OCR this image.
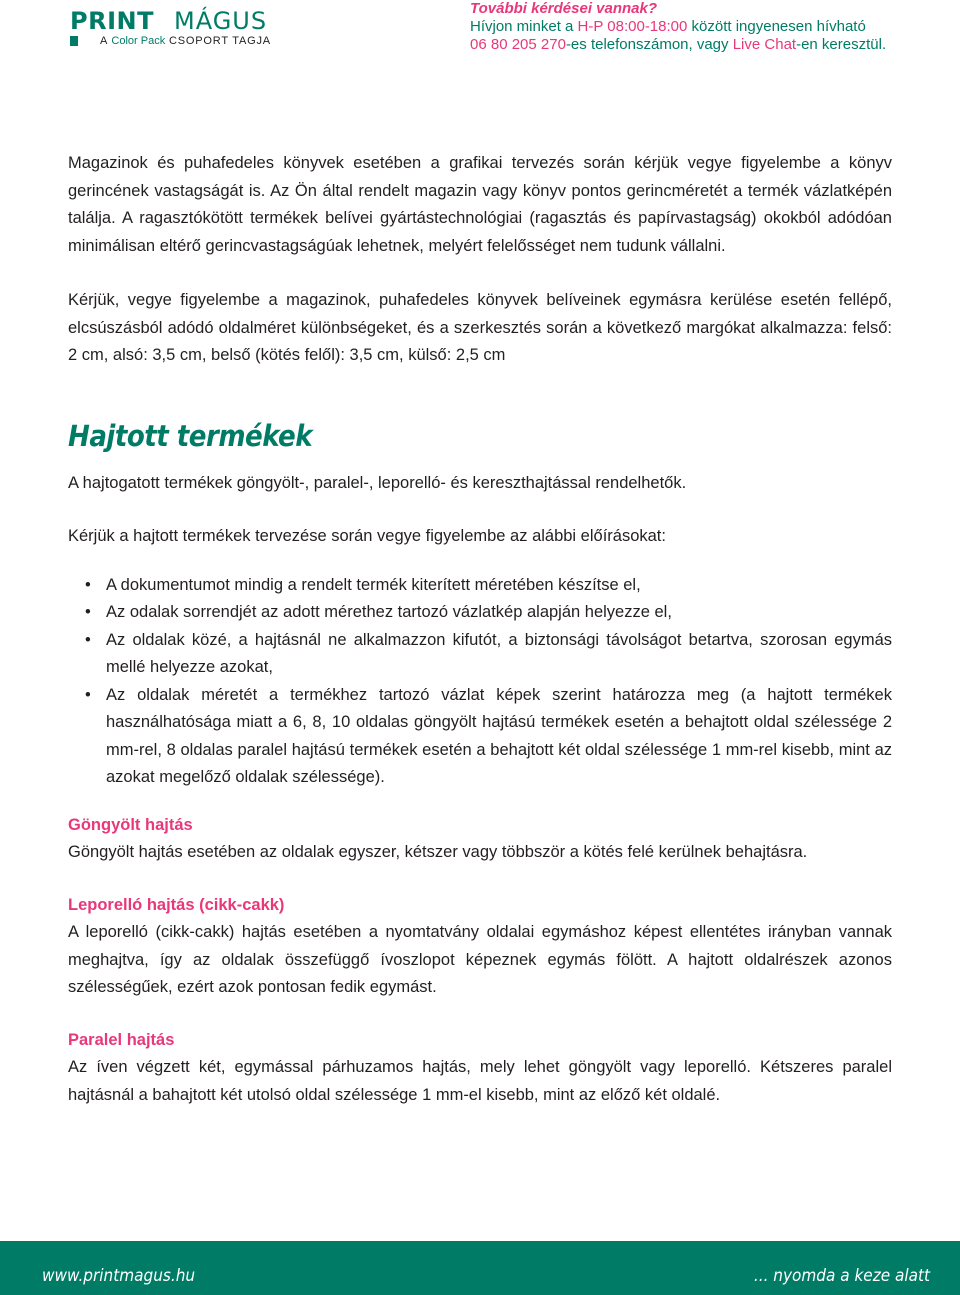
PRINT MÁGUS
A Color Pack CSOPORT TAGJA
További kérdései vannak?
Hívjon minket a H-P 08:00-18:00 között ingyenesen hívható
06 80 205 270-es telefonszámon, vagy Live Chat-en keresztül.

Magazinok és puhafedeles könyvek esetében a grafikai tervezés során kérjük vegye figyelembe a könyv gerincének vastagságát is. Az Ön által rendelt magazin vagy könyv pontos gerincméretét a termék vázlatképén találja. A ragasztókötött termékek belívei gyártástechnológiai (ragasztás és papírvastagság) okokból adódóan minimálisan eltérő gerincvastagságúak lehetnek, melyért felelősséget nem tudunk vállalni.

Kérjük, vegye figyelembe a magazinok, puhafedeles könyvek belíveinek egymásra kerülése esetén fellépő, elcsúszásból adódó oldalméret különbségeket, és a szerkesztés során a következő margókat alkalmazza: felső: 2 cm, alsó: 3,5 cm, belső (kötés felől): 3,5 cm, külső: 2,5 cm

Hajtott termékek

A hajtogatott termékek göngyölt-, paralel-, leporelló- és kereszthajtással rendelhetők.

Kérjük a hajtott termékek tervezése során vegye figyelembe az alábbi előírásokat:

• A dokumentumot mindig a rendelt termék kiterített méretében készítse el,
• Az odalak sorrendjét az adott mérethez tartozó vázlatkép alapján helyezze el,
• Az oldalak közé, a hajtásnál ne alkalmazzon kifutót, a biztonsági távolságot betartva, szorosan egymás mellé helyezze azokat,
• Az oldalak méretét a termékhez tartozó vázlat képek szerint határozza meg (a hajtott termékek használhatósága miatt a 6, 8, 10 oldalas göngyölt hajtású termékek esetén a behajtott oldal szélessége 2 mm-rel, 8 oldalas paralel hajtású termékek esetén a behajtott két oldal szélessége 1 mm-rel kisebb, mint az azokat megelőző oldalak szélessége).
Göngyölt hajtás

Göngyölt hajtás esetében az oldalak egyszer, kétszer vagy többször a kötés felé kerülnek behajtásra.

Leporelló hajtás (cikk-cakk)

A leporelló (cikk-cakk) hajtás esetében a nyomtatvány oldalai egymáshoz képest ellentétes irányban vannak meghajtva, így az oldalak összefüggő ívoszlopot képeznek egymás fölött. A hajtott oldalrészek azonos szélességűek, ezért azok pontosan fedik egymást.

Paralel hajtás

Az íven végzett két, egymással párhuzamos hajtás, mely lehet göngyölt vagy leporelló. Kétszeres paralel hajtásnál a bahajtott két utolsó oldal szélessége 1 mm-el kisebb, mint az előző két oldalé.

www.printmagus.hu	... nyomda a keze alatt
